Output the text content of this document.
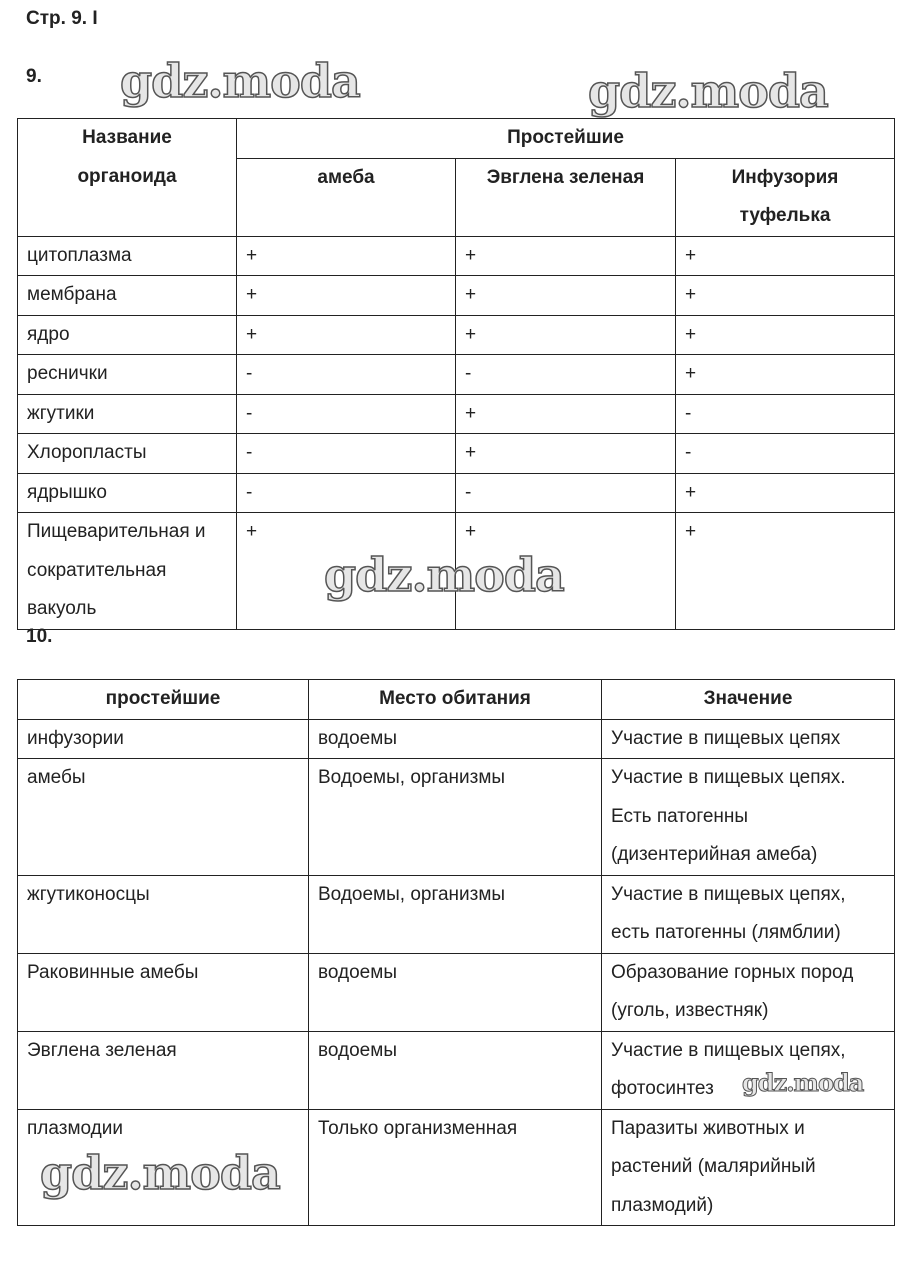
Стр. 9. I
9.
Название органоида	Простейшие		
	амеба	Эвглена зеленая	Инфузория туфелька
цитоплазма	+	+	+
мембрана	+	+	+
ядро	+	+	+
реснички	-	-	+
жгутики	-	+	-
Хлоропласты	-	+	-
ядрышко	-	-	+
Пищеварительная и сократительная вакуоль	+	+	+
10.
простейшие	Место обитания	Значение
инфузории	водоемы	Участие в пищевых цепях
амебы	Водоемы, организмы	Участие в пищевых цепях. Есть патогенны (дизентерийная амеба)
жгутиконосцы	Водоемы, организмы	Участие в пищевых цепях, есть патогенны (лямблии)
Раковинные амебы	водоемы	Образование горных пород (уголь, известняк)
Эвглена зеленая	водоемы	Участие в пищевых цепях, фотосинтез
плазмодии	Только организменная	Паразиты животных и растений (малярийный плазмодий)
gdz.moda
gdz.moda
gdz.moda
gdz.moda
gdz.moda
